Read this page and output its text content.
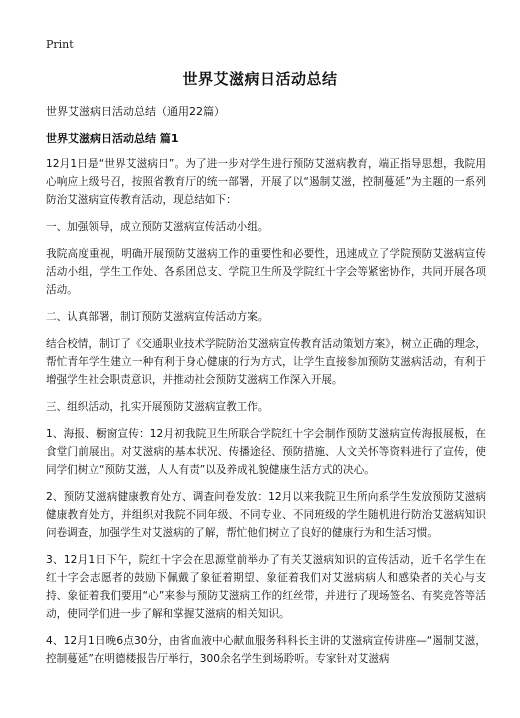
Print
世界艾滋病日活动总结

世界艾滋病日活动总结（通用22篇）

世界艾滋病日活动总结 篇1

12月1日是“世界艾滋病日”。为了进一步对学生进行预防艾滋病教育，端正指导思想，我院用心响应上级号召，按照省教育厅的统一部署，开展了以“遏制艾滋，控制蔓延”为主题的一系列防治艾滋病宣传教育活动，现总结如下：

一、加强领导，成立预防艾滋病宣传活动小组。

我院高度重视，明确开展预防艾滋病工作的重要性和必要性，迅速成立了学院预防艾滋病宣传活动小组，学生工作处、各系团总支、学院卫生所及学院红十字会等紧密协作，共同开展各项活动。

二、认真部署，制订预防艾滋病宣传活动方案。

结合校情，制订了《交通职业技术学院防治艾滋病宣传教育活动策划方案》，树立正确的理念，帮忙青年学生建立一种有利于身心健康的行为方式，让学生直接参加预防艾滋病活动，有利于增强学生社会职责意识，并推动社会预防艾滋病工作深入开展。

三、组织活动，扎实开展预防艾滋病宣教工作。

1、海报、橱窗宣传：12月初我院卫生所联合学院红十字会制作预防艾滋病宣传海报展板，在食堂门前展出。对艾滋病的基本状况、传播途径、预防措施、人文关怀等资料进行了宣传，使同学们树立“预防艾滋，人人有责”以及养成礼貌健康生活方式的决心。

2、预防艾滋病健康教育处方、调查问卷发放：12月以来我院卫生所向系学生发放预防艾滋病健康教育处方，并组织对我院不同年级、不同专业、不同班级的学生随机进行防治艾滋病知识问卷调查，加强学生对艾滋病的了解，帮忙他们树立了良好的健康行为和生活习惯。

3、12月1日下午，院红十字会在思源堂前举办了有关艾滋病知识的宣传活动，近千名学生在红十字会志愿者的鼓励下佩戴了象征着期望、象征着我们对艾滋病病人和感染者的关心与支持、象征着我们要用“心”来参与预防艾滋病工作的红丝带，并进行了现场签名、有奖竞答等活动，使同学们进一步了解和掌握艾滋病的相关知识。

4、12月1日晚6点30分，由省血液中心献血服务科科长主讲的艾滋病宣传讲座—“遏制艾滋，控制蔓延”在明德楼报告厅举行，300余名学生到场聆听。专家针对艾滋病
